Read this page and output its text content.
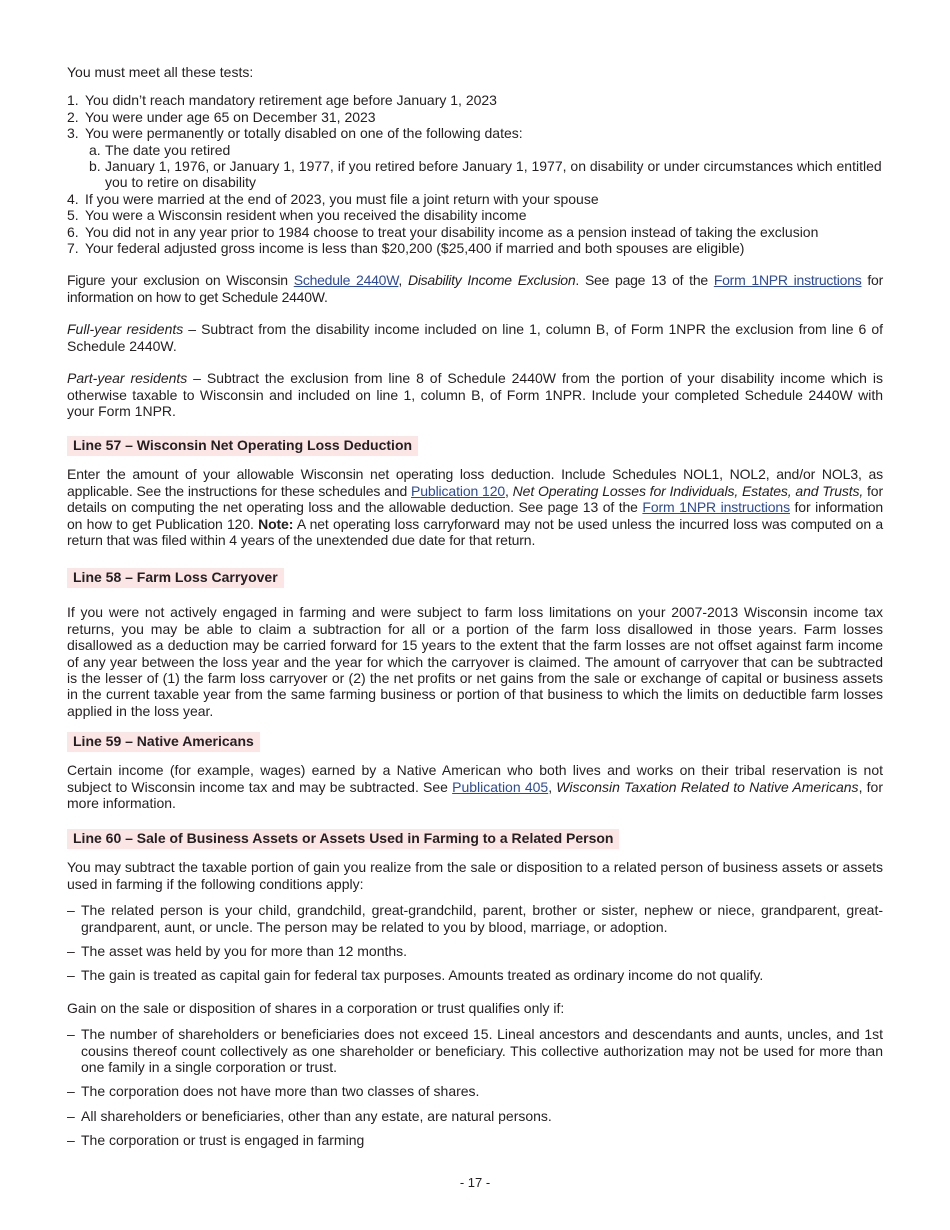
You must meet all these tests:

1. You didn’t reach mandatory retirement age before January 1, 2023
2. You were under age 65 on December 31, 2023
3. You were permanently or totally disabled on one of the following dates:
a. The date you retired
b. January 1, 1976, or January 1, 1977, if you retired before January 1, 1977, on disability or under circumstances which entitled you to retire on disability
4. If you were married at the end of 2023, you must file a joint return with your spouse
5. You were a Wisconsin resident when you received the disability income
6. You did not in any year prior to 1984 choose to treat your disability income as a pension instead of taking the exclusion
7. Your federal adjusted gross income is less than $20,200 ($25,400 if married and both spouses are eligible)

Figure your exclusion on Wisconsin Schedule 2440W, Disability Income Exclusion. See page 13 of the Form 1NPR instructions for information on how to get Schedule 2440W.

Full-year residents – Subtract from the disability income included on line 1, column B, of Form 1NPR the exclusion from line 6 of Schedule 2440W.

Part-year residents – Subtract the exclusion from line 8 of Schedule 2440W from the portion of your disability income which is otherwise taxable to Wisconsin and included on line 1, column B, of Form 1NPR. Include your completed Schedule 2440W with your Form 1NPR.

Line 57 – Wisconsin Net Operating Loss Deduction

Enter the amount of your allowable Wisconsin net operating loss deduction. Include Schedules NOL1, NOL2, and/or NOL3, as applicable. See the instructions for these schedules and Publication 120, Net Operating Losses for Individuals, Estates, and Trusts, for details on computing the net operating loss and the allowable deduction. See page 13 of the Form 1NPR instructions for information on how to get Publication 120. Note: A net operating loss carryforward may not be used unless the incurred loss was computed on a return that was filed within 4 years of the unextended due date for that return.

Line 58 – Farm Loss Carryover

If you were not actively engaged in farming and were subject to farm loss limitations on your 2007-2013 Wisconsin income tax returns, you may be able to claim a subtraction for all or a portion of the farm loss disallowed in those years. Farm losses disallowed as a deduction may be carried forward for 15 years to the extent that the farm losses are not offset against farm income of any year between the loss year and the year for which the carryover is claimed. The amount of carryover that can be subtracted is the lesser of (1) the farm loss carryover or (2) the net profits or net gains from the sale or exchange of capital or business assets in the current taxable year from the same farming business or portion of that business to which the limits on deductible farm losses applied in the loss year.

Line 59 – Native Americans

Certain income (for example, wages) earned by a Native American who both lives and works on their tribal reservation is not subject to Wisconsin income tax and may be subtracted. See Publication 405, Wisconsin Taxation Related to Native Americans, for more information.

Line 60 – Sale of Business Assets or Assets Used in Farming to a Related Person

You may subtract the taxable portion of gain you realize from the sale or disposition to a related person of business assets or assets used in farming if the following conditions apply:

– The related person is your child, grandchild, great-grandchild, parent, brother or sister, nephew or niece, grandparent, great-grandparent, aunt, or uncle. The person may be related to you by blood, marriage, or adoption.
– The asset was held by you for more than 12 months.
– The gain is treated as capital gain for federal tax purposes. Amounts treated as ordinary income do not qualify.

Gain on the sale or disposition of shares in a corporation or trust qualifies only if:

– The number of shareholders or beneficiaries does not exceed 15. Lineal ancestors and descendants and aunts, uncles, and 1st cousins thereof count collectively as one shareholder or beneficiary. This collective authorization may not be used for more than one family in a single corporation or trust.
– The corporation does not have more than two classes of shares.
– All shareholders or beneficiaries, other than any estate, are natural persons.
– The corporation or trust is engaged in farming
- 17 -
